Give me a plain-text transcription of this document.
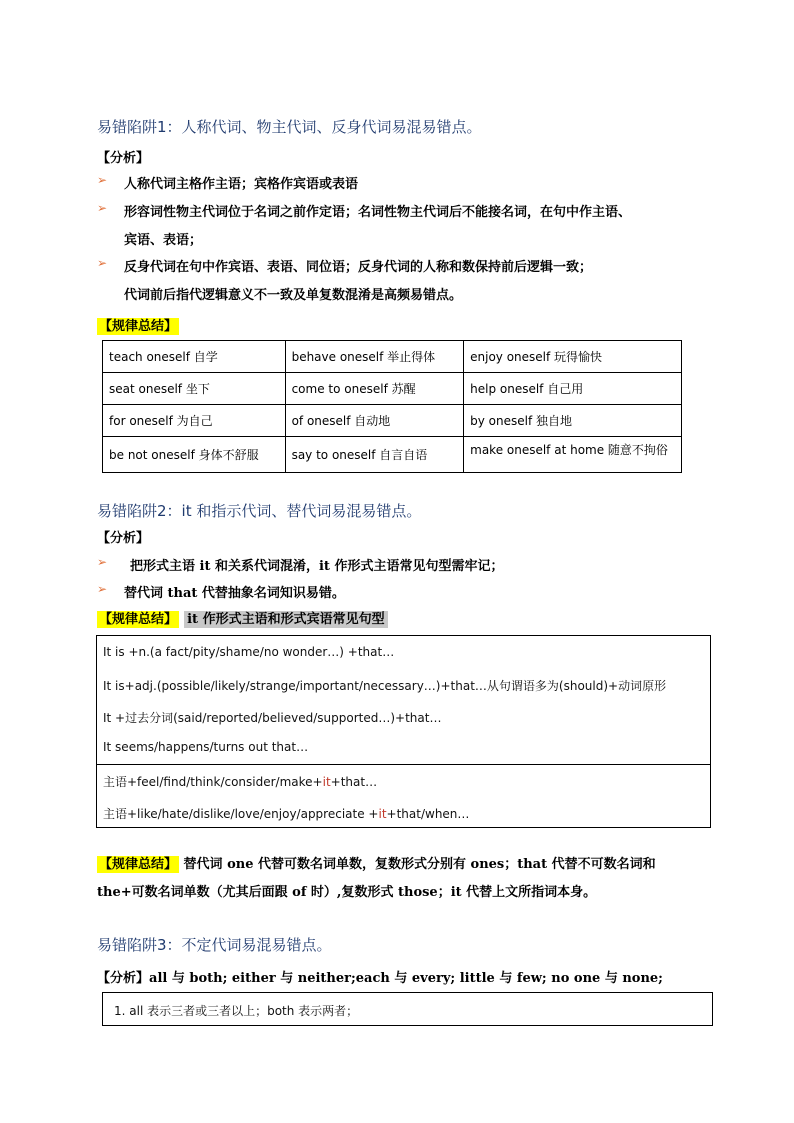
易错陷阱1：人称代词、物主代词、反身代词易混易错点。
【分析】
➢ 人称代词主格作主语；宾格作宾语或表语
➢ 形容词性物主代词位于名词之前作定语；名词性物主代词后不能接名词，在句中作主语、
宾语、表语；
➢ 反身代词在句中作宾语、表语、同位语；反身代词的人称和数保持前后逻辑一致；
代词前后指代逻辑意义不一致及单复数混淆是高频易错点。
【规律总结】
teach oneself 自学	behave oneself 举止得体	enjoy oneself 玩得愉快
seat oneself 坐下	come to oneself 苏醒	help oneself 自己用
for oneself 为自己	of oneself 自动地	by oneself 独自地
be not oneself 身体不舒服	say to oneself 自言自语	make oneself at home 随意不拘俗
易错陷阱2：it 和指示代词、替代词易混易错点。
【分析】
➢ 把形式主语 it 和关系代词混淆，it 作形式主语常见句型需牢记；
➢ 替代词 that 代替抽象名词知识易错。
【规律总结】 it 作形式主语和形式宾语常见句型
It is +n.(a fact/pity/shame/no wonder…) +that…
It is+adj.(possible/likely/strange/important/necessary…)+that…从句谓语多为(should)+动词原形
It +过去分词(said/reported/believed/supported…)+that…
It seems/happens/turns out that…
主语+feel/find/think/consider/make+it+that…
主语+like/hate/dislike/love/enjoy/appreciate +it+that/when…
【规律总结】 替代词 one 代替可数名词单数，复数形式分别有 ones；that 代替不可数名词和
the+可数名词单数（尤其后面跟 of 时）,复数形式 those；it 代替上文所指词本身。
易错陷阱3：不定代词易混易错点。
【分析】all 与 both; either 与 neither;each 与 every; little 与 few; no one 与 none;
1. all 表示三者或三者以上；both 表示两者；
